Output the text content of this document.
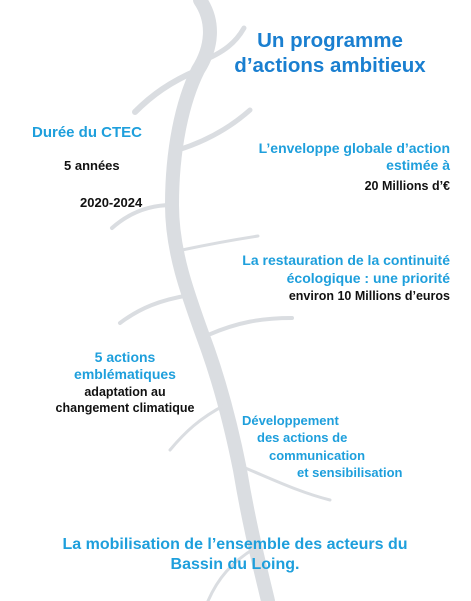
Un programme
d’actions ambitieux
Durée du CTEC
5 années
2020-2024
L’enveloppe globale d’action
estimée à
20 Millions d’€
La restauration de la continuité
écologique : une priorité
environ 10 Millions d’euros
5 actions
emblématiques
adaptation au
changement climatique
Développement
des actions de
communication
et sensibilisation
La mobilisation de l’ensemble des acteurs du
Bassin du Loing.
